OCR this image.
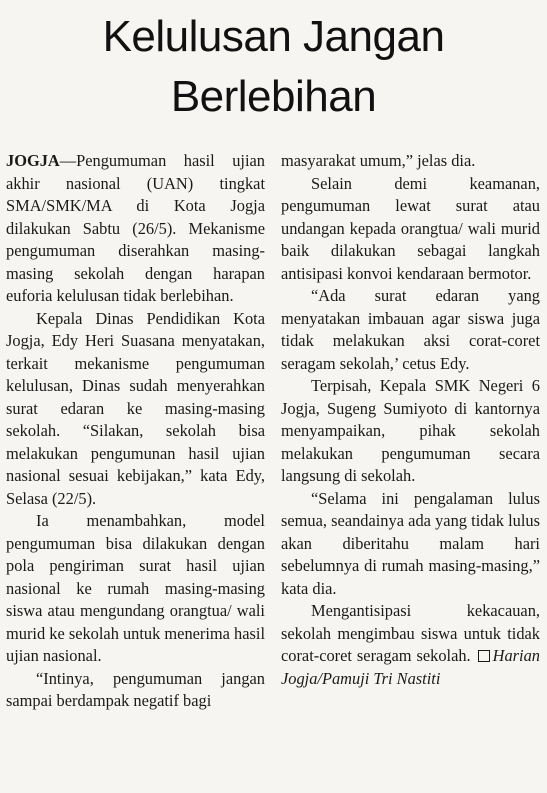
Kelulusan Jangan
Berlebihan

JOGJA—Pengumuman hasil ujian akhir nasional (UAN) tingkat SMA/SMK/MA di Kota Jogja dilakukan Sabtu (26/5). Mekanisme pengumuman diserahkan masing-masing sekolah dengan harapan euforia kelulusan tidak berlebihan.

Kepala Dinas Pendidikan Kota Jogja, Edy Heri Suasana menyatakan, terkait mekanisme pengumuman kelulusan, Dinas sudah menyerahkan surat edaran ke masing-masing sekolah. “Silakan, sekolah bisa melakukan pengumunan hasil ujian nasional sesuai kebijakan,” kata Edy, Selasa (22/5).

Ia menambahkan, model pengumuman bisa dilakukan dengan pola pengiriman surat hasil ujian nasional ke rumah masing-masing siswa atau mengundang orangtua/ wali murid ke sekolah untuk menerima hasil ujian nasional.

“Intinya, pengumuman jangan sampai berdampak negatif bagi

masyarakat umum,” jelas dia.

Selain demi keamanan, pengumuman lewat surat atau undangan kepada orangtua/ wali murid baik dilakukan sebagai langkah antisipasi konvoi kendaraan bermotor.

“Ada surat edaran yang menyatakan imbauan agar siswa juga tidak melakukan aksi corat-coret seragam sekolah,’ cetus Edy.

Terpisah, Kepala SMK Negeri 6 Jogja, Sugeng Sumiyoto di kantornya menyampaikan, pihak sekolah melakukan pengumuman secara langsung di sekolah.

“Selama ini pengalaman lulus semua, seandainya ada yang tidak lulus akan diberitahu malam hari sebelumnya di rumah masing-masing,” kata dia.

Mengantisipasi kekacauan, sekolah mengimbau siswa untuk tidak corat-coret seragam sekolah. Harian Jogja/Pamuji Tri Nastiti
